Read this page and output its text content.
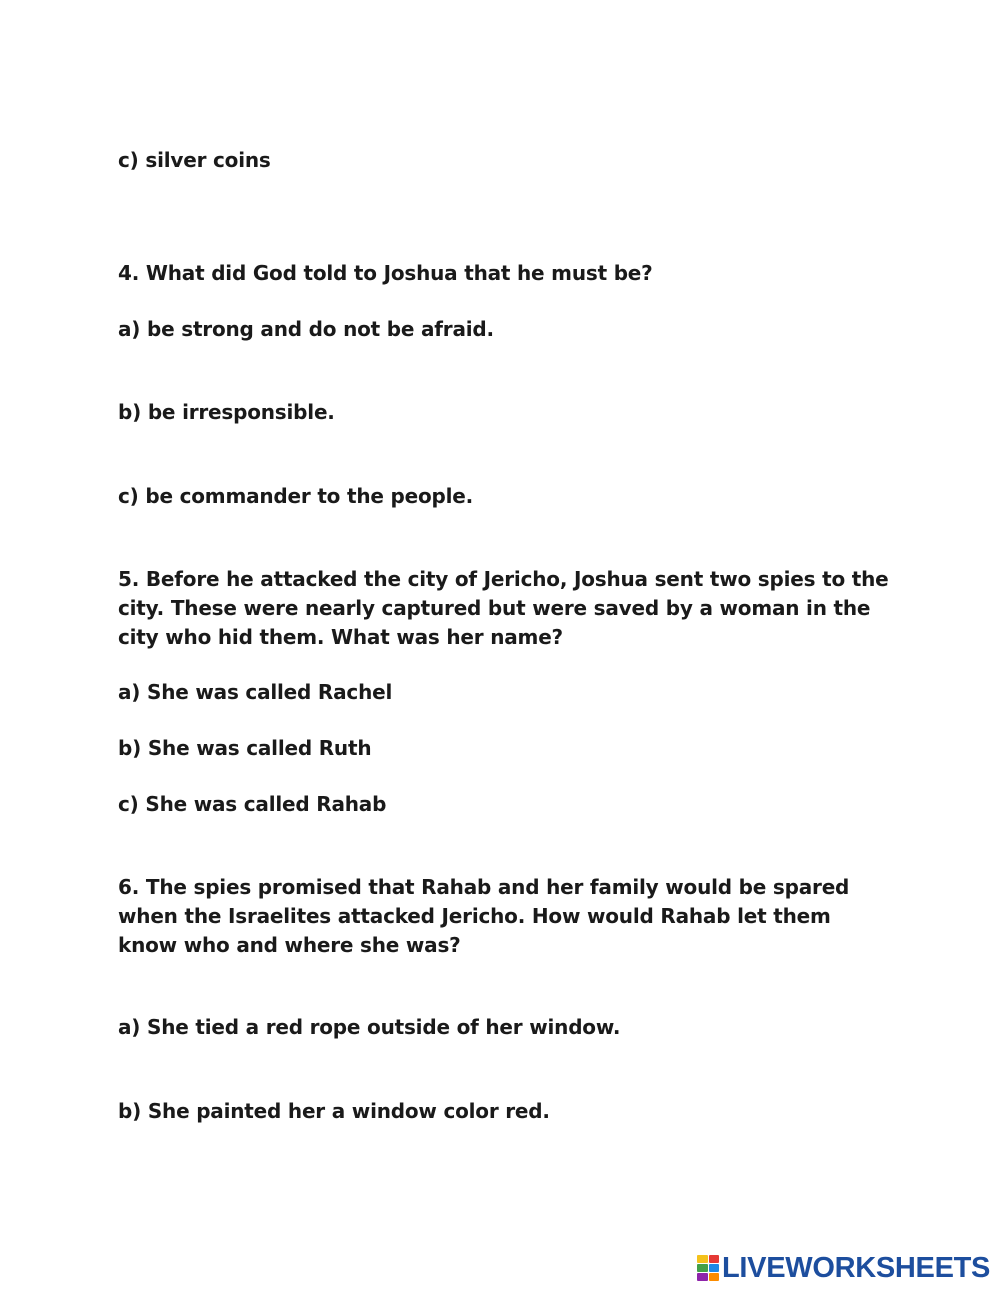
c) silver coins
4. What did God told to Joshua that he must be?
a) be strong and do not be afraid.
b) be irresponsible.
c) be commander to the people.
5. Before he attacked the city of Jericho, Joshua sent two spies to the
city. These were nearly captured but were saved by a woman in the
city who hid them. What was her name?
a) She was called Rachel
b) She was called Ruth
c) She was called Rahab
6. The spies promised that Rahab and her family would be spared
when the Israelites attacked Jericho. How would Rahab let them
know who and where she was?
a) She tied a red rope outside of her window.
b) She painted her a window color red.
LIVEWORKSHEETS
